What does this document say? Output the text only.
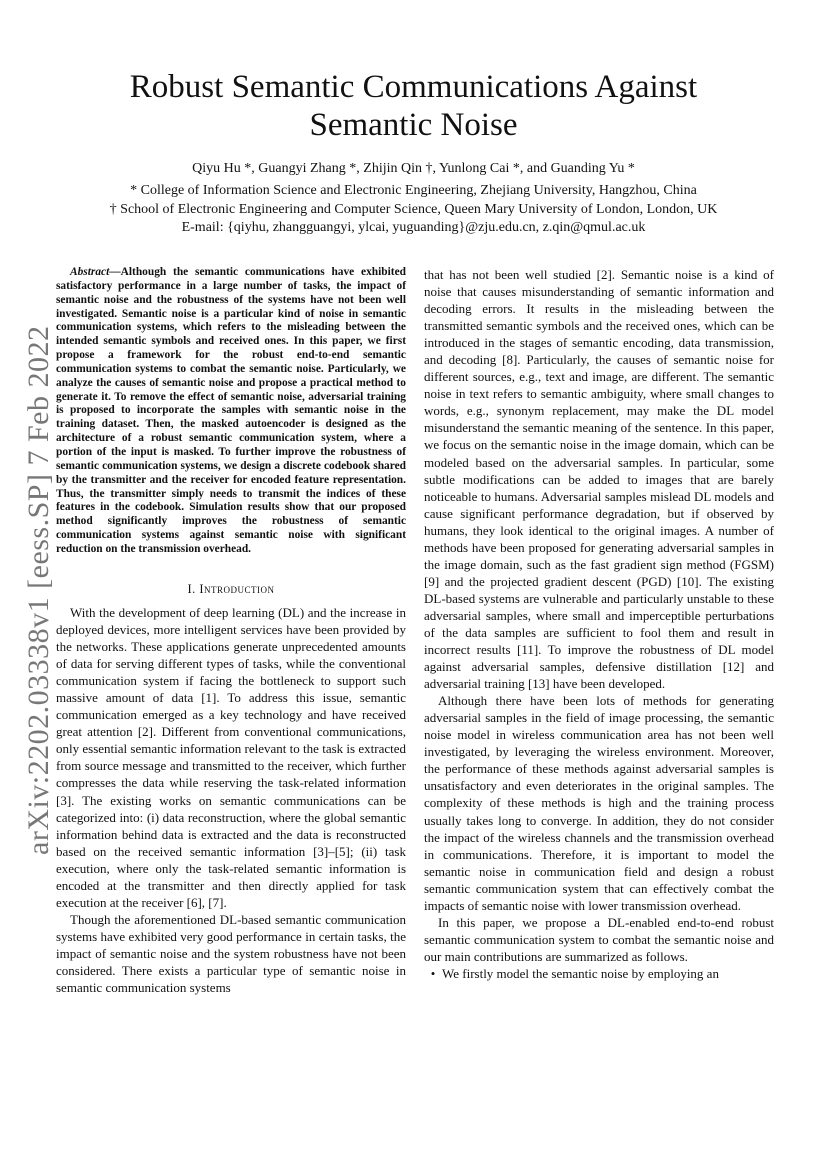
Robust Semantic Communications Against
Semantic Noise
Qiyu Hu *, Guangyi Zhang *, Zhijin Qin †, Yunlong Cai *, and Guanding Yu *
* College of Information Science and Electronic Engineering, Zhejiang University, Hangzhou, China
† School of Electronic Engineering and Computer Science, Queen Mary University of London, London, UK
E-mail: {qiyhu, zhangguangyi, ylcai, yuguanding}@zju.edu.cn, z.qin@qmul.ac.uk
arXiv:2202.03338v1 [eess.SP] 7 Feb 2022

Abstract—Although the semantic communications have exhibited satisfactory performance in a large number of tasks, the impact of semantic noise and the robustness of the systems have not been well investigated. Semantic noise is a particular kind of noise in semantic communication systems, which refers to the misleading between the intended semantic symbols and received ones. In this paper, we first propose a framework for the robust end-to-end semantic communication systems to combat the semantic noise. Particularly, we analyze the causes of semantic noise and propose a practical method to generate it. To remove the effect of semantic noise, adversarial training is proposed to incorporate the samples with semantic noise in the training dataset. Then, the masked autoencoder is designed as the architecture of a robust semantic communication system, where a portion of the input is masked. To further improve the robustness of semantic communication systems, we design a discrete codebook shared by the transmitter and the receiver for encoded feature representation. Thus, the transmitter simply needs to transmit the indices of these features in the codebook. Simulation results show that our proposed method significantly improves the robustness of semantic communication systems against semantic noise with significant reduction on the transmission overhead.

I. Introduction

With the development of deep learning (DL) and the increase in deployed devices, more intelligent services have been provided by the networks. These applications generate unprecedented amounts of data for serving different types of tasks, while the conventional communication system if facing the bottleneck to support such massive amount of data [1]. To address this issue, semantic communication emerged as a key technology and have received great attention [2]. Different from conventional communications, only essential semantic information relevant to the task is extracted from source message and transmitted to the receiver, which further compresses the data while reserving the task-related information [3]. The existing works on semantic communications can be categorized into: (i) data reconstruction, where the global semantic information behind data is extracted and the data is reconstructed based on the received semantic information [3]–[5]; (ii) task execution, where only the task-related semantic information is encoded at the transmitter and then directly applied for task execution at the receiver [6], [7].

Though the aforementioned DL-based semantic communication systems have exhibited very good performance in certain tasks, the impact of semantic noise and the system robustness have not been considered. There exists a particular type of semantic noise in semantic communication systems

that has not been well studied [2]. Semantic noise is a kind of noise that causes misunderstanding of semantic information and decoding errors. It results in the misleading between the transmitted semantic symbols and the received ones, which can be introduced in the stages of semantic encoding, data transmission, and decoding [8]. Particularly, the causes of semantic noise for different sources, e.g., text and image, are different. The semantic noise in text refers to semantic ambiguity, where small changes to words, e.g., synonym replacement, may make the DL model misunderstand the semantic meaning of the sentence. In this paper, we focus on the semantic noise in the image domain, which can be modeled based on the adversarial samples. In particular, some subtle modifications can be added to images that are barely noticeable to humans. Adversarial samples mislead DL models and cause significant performance degradation, but if observed by humans, they look identical to the original images. A number of methods have been proposed for generating adversarial samples in the image domain, such as the fast gradient sign method (FGSM) [9] and the projected gradient descent (PGD) [10]. The existing DL-based systems are vulnerable and particularly unstable to these adversarial samples, where small and imperceptible perturbations of the data samples are sufficient to fool them and result in incorrect results [11]. To improve the robustness of DL model against adversarial samples, defensive distillation [12] and adversarial training [13] have been developed.

Although there have been lots of methods for generating adversarial samples in the field of image processing, the semantic noise model in wireless communication area has not been well investigated, by leveraging the wireless environment. Moreover, the performance of these methods against adversarial samples is unsatisfactory and even deteriorates in the original samples. The complexity of these methods is high and the training process usually takes long to converge. In addition, they do not consider the impact of the wireless channels and the transmission overhead in communications. Therefore, it is important to model the semantic noise in communication field and design a robust semantic communication system that can effectively combat the impacts of semantic noise with lower transmission overhead.

In this paper, we propose a DL-enabled end-to-end robust semantic communication system to combat the semantic noise and our main contributions are summarized as follows.

• We firstly model the semantic noise by employing an
